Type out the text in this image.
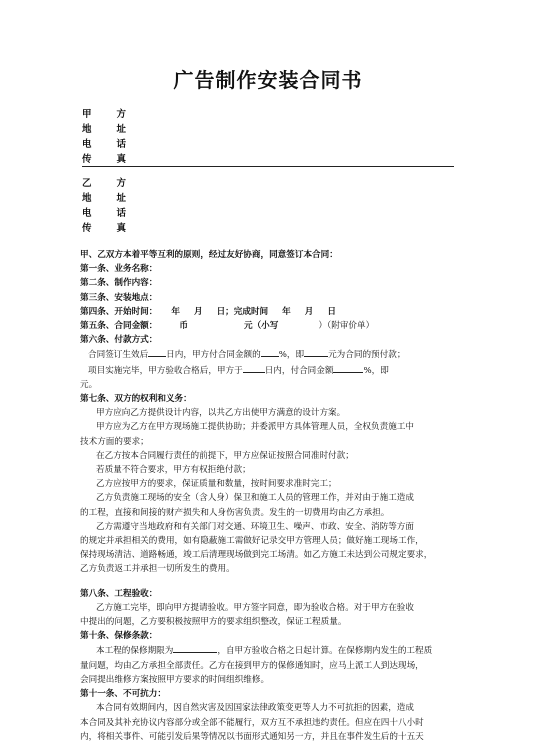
广告制作安装合同书
甲方
地址
电话
传真
乙方
地址
电话
传真
甲、乙双方本着平等互利的原则，经过友好协商，同意签订本合同：
第一条、业务名称：
第二条、制作内容：
第三条、安装地点：
第四条、开始时间： 年 月 日；完成时间 年 月 日
第五条、合同金额：	币	元（小写	）（附审价单）
第六条、付款方式：
合同签订生效后 日内，甲方付合同金额的 %，即	元为合同的预付款；
项目实施完毕，甲方验收合格后，甲方于	日内，付合同金额	%，即
元。
第七条、双方的权利和义务：
甲方应向乙方提供设计内容，以共乙方出使甲方满意的设计方案。
甲方应为乙方在甲方现场施工提供协助；并委派甲方具体管理人员，全权负责施工中
技术方面的要求；
在乙方按本合同履行责任的前提下，甲方应保证按照合同准时付款；
若质量不符合要求，甲方有权拒绝付款；
乙方应按甲方的要求，保证质量和数量，按时间要求准时完工；
乙方负责施工现场的安全（含人身）保卫和施工人员的管理工作，并对由于施工造成
的工程，直接和间接的财产损失和人身伤害负责。发生的一切费用均由乙方承担。
乙方需遵守当地政府和有关部门对交通、环境卫生、噪声、市政、安全、消防等方面
的规定并承担相关的费用，如有隐蔽施工需做好记录交甲方管理人员；做好施工现场工作，
保持现场清洁、道路畅通，竣工后清理现场做到完工场清。如乙方施工未达到公司规定要求，
乙方负责返工并承担一切所发生的费用。
第八条、工程验收：
乙方施工完毕，即向甲方提请验收。甲方签字同意，即为验收合格。对于甲方在验收
中提出的问题，乙方要积极按照甲方的要求组织整改，保证工程质量。
第十条、保修条款：
本工程的保修期限为	，自甲方验收合格之日起计算。在保修期内发生的工程质
量问题，均由乙方承担全部责任。乙方在接到甲方的保修通知时，应马上派工人到达现场，
会同提出维修方案按照甲方要求的时间组织维修。
第十一条、不可抗力：
本合同有效期间内，因自然灾害及因国家法律政策变更等人力不可抗拒的因素，造成
本合同及其补充协议内容部分或全部不能履行，双方互不承担违约责任。但应在四十八小时
内，将相关事件、可能引发后果等情况以书面形式通知另一方，并且在事件发生后的十五天
